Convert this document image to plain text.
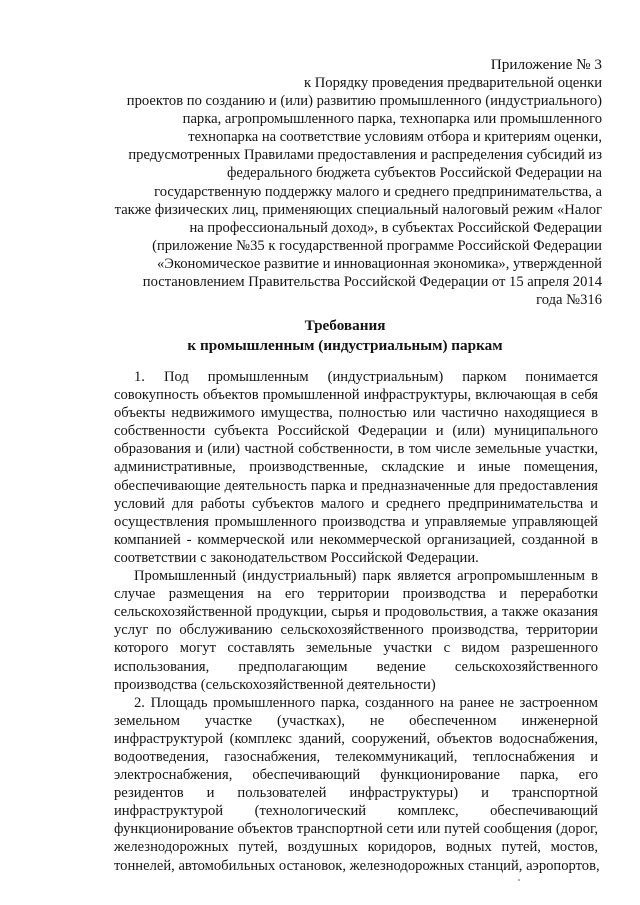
Приложение № 3
к Порядку проведения предварительной оценки
проектов по созданию и (или) развитию промышленного (индустриального)
парка, агропромышленного парка, технопарка или промышленного
технопарка на соответствие условиям отбора и критериям оценки,
предусмотренных Правилами предоставления и распределения субсидий из
федерального бюджета субъектов Российской Федерации на
государственную поддержку малого и среднего предпринимательства, а
также физических лиц, применяющих специальный налоговый режим «Налог
на профессиональный доход», в субъектах Российской Федерации
(приложение №35 к государственной программе Российской Федерации
«Экономическое развитие и инновационная экономика», утвержденной
постановлением Правительства Российской Федерации от 15 апреля 2014
года №316
Требования
к промышленным (индустриальным) паркам
1. Под промышленным (индустриальным) парком понимается
совокупность объектов промышленной инфраструктуры, включающая в себя
объекты недвижимого имущества, полностью или частично находящиеся в
собственности субъекта Российской Федерации и (или) муниципального
образования и (или) частной собственности, в том числе земельные участки,
административные, производственные, складские и иные помещения,
обеспечивающие деятельность парка и предназначенные для предоставления
условий для работы субъектов малого и среднего предпринимательства и
осуществления промышленного производства и управляемые управляющей
компанией - коммерческой или некоммерческой организацией, созданной в
соответствии с законодательством Российской Федерации.
Промышленный (индустриальный) парк является агропромышленным в
случае размещения на его территории производства и переработки
сельскохозяйственной продукции, сырья и продовольствия, а также оказания
услуг по обслуживанию сельскохозяйственного производства, территории
которого могут составлять земельные участки с видом разрешенного
использования, предполагающим ведение сельскохозяйственного
производства (сельскохозяйственной деятельности)
2. Площадь промышленного парка, созданного на ранее не застроенном
земельном участке (участках), не обеспеченном инженерной
инфраструктурой (комплекс зданий, сооружений, объектов водоснабжения,
водоотведения, газоснабжения, телекоммуникаций, теплоснабжения и
электроснабжения, обеспечивающий функционирование парка, его
резидентов и пользователей инфраструктуры) и транспортной
инфраструктурой (технологический комплекс, обеспечивающий
функционирование объектов транспортной сети или путей сообщения (дорог,
железнодорожных путей, воздушных коридоров, водных путей, мостов,
тоннелей, автомобильных остановок, железнодорожных станций, аэропортов,
